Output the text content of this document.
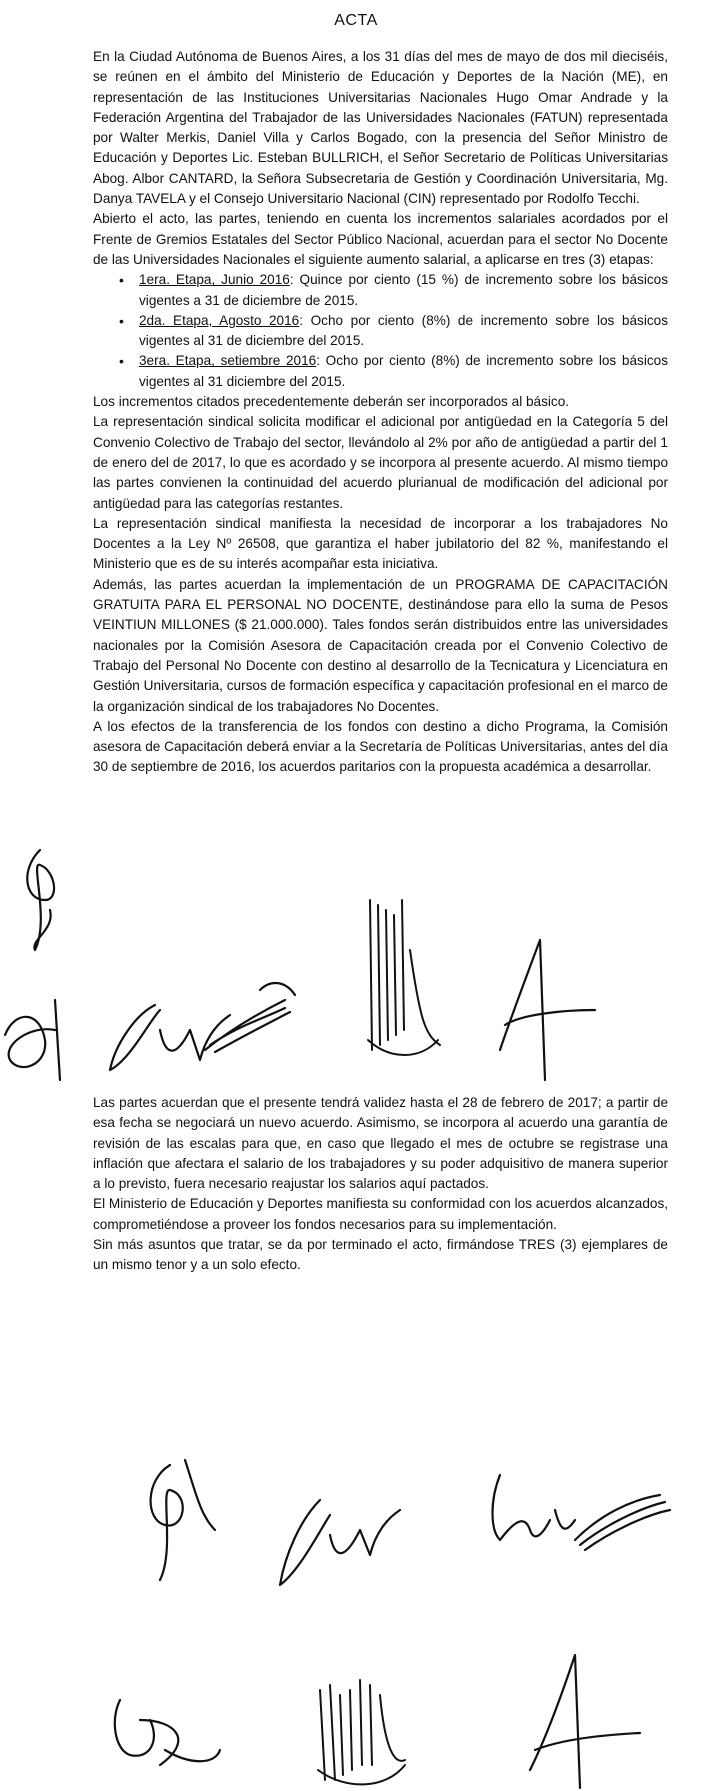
ACTA

En la Ciudad Autónoma de Buenos Aires, a los 31 días del mes de mayo de dos mil dieciséis, se reúnen en el ámbito del Ministerio de Educación y Deportes de la Nación (ME), en representación de las Instituciones Universitarias Nacionales Hugo Omar Andrade y la Federación Argentina del Trabajador de las Universidades Nacionales (FATUN) representada por Walter Merkis, Daniel Villa y Carlos Bogado, con la presencia del Señor Ministro de Educación y Deportes Lic. Esteban BULLRICH, el Señor Secretario de Políticas Universitarias Abog. Albor CANTARD, la Señora Subsecretaria de Gestión y Coordinación Universitaria, Mg. Danya TAVELA y el Consejo Universitario Nacional (CIN) representado por Rodolfo Tecchi.

Abierto el acto, las partes, teniendo en cuenta los incrementos salariales acordados por el Frente de Gremios Estatales del Sector Público Nacional, acuerdan para el sector No Docente de las Universidades Nacionales el siguiente aumento salarial, a aplicarse en tres (3) etapas:

• 1era. Etapa, Junio 2016: Quince por ciento (15 %) de incremento sobre los básicos vigentes a 31 de diciembre de 2015.
• 2da. Etapa, Agosto 2016: Ocho por ciento (8%) de incremento sobre los básicos vigentes al 31 de diciembre del 2015.
• 3era. Etapa, setiembre 2016: Ocho por ciento (8%) de incremento sobre los básicos vigentes al 31 diciembre del 2015.

Los incrementos citados precedentemente deberán ser incorporados al básico.

La representación sindical solicita modificar el adicional por antigüedad en la Categoría 5 del Convenio Colectivo de Trabajo del sector, llevándolo al 2% por año de antigüedad a partir del 1 de enero del de 2017, lo que es acordado y se incorpora al presente acuerdo. Al mismo tiempo las partes convienen la continuidad del acuerdo plurianual de modificación del adicional por antigüedad para las categorías restantes.

La representación sindical manifiesta la necesidad de incorporar a los trabajadores No Docentes a la Ley Nº 26508, que garantiza el haber jubilatorio del 82 %, manifestando el Ministerio que es de su interés acompañar esta iniciativa.

Además, las partes acuerdan la implementación de un PROGRAMA DE CAPACITACIÓN GRATUITA PARA EL PERSONAL NO DOCENTE, destinándose para ello la suma de Pesos VEINTIUN MILLONES ($ 21.000.000). Tales fondos serán distribuidos entre las universidades nacionales por la Comisión Asesora de Capacitación creada por el Convenio Colectivo de Trabajo del Personal No Docente con destino al desarrollo de la Tecnicatura y Licenciatura en Gestión Universitaria, cursos de formación específica y capacitación profesional en el marco de la organización sindical de los trabajadores No Docentes.

A los efectos de la transferencia de los fondos con destino a dicho Programa, la Comisión asesora de Capacitación deberá enviar a la Secretaría de Políticas Universitarias, antes del día 30 de septiembre de 2016, los acuerdos paritarios con la propuesta académica a desarrollar.

Las partes acuerdan que el presente tendrá validez hasta el 28 de febrero de 2017; a partir de esa fecha se negociará un nuevo acuerdo. Asimismo, se incorpora al acuerdo una garantía de revisión de las escalas para que, en caso que llegado el mes de octubre se registrase una inflación que afectara el salario de los trabajadores y su poder adquisitivo de manera superior a lo previsto, fuera necesario reajustar los salarios aquí pactados.

El Ministerio de Educación y Deportes manifiesta su conformidad con los acuerdos alcanzados, comprometiéndose a proveer los fondos necesarios para su implementación.

Sin más asuntos que tratar, se da por terminado el acto, firmándose TRES (3) ejemplares de un mismo tenor y a un solo efecto.
